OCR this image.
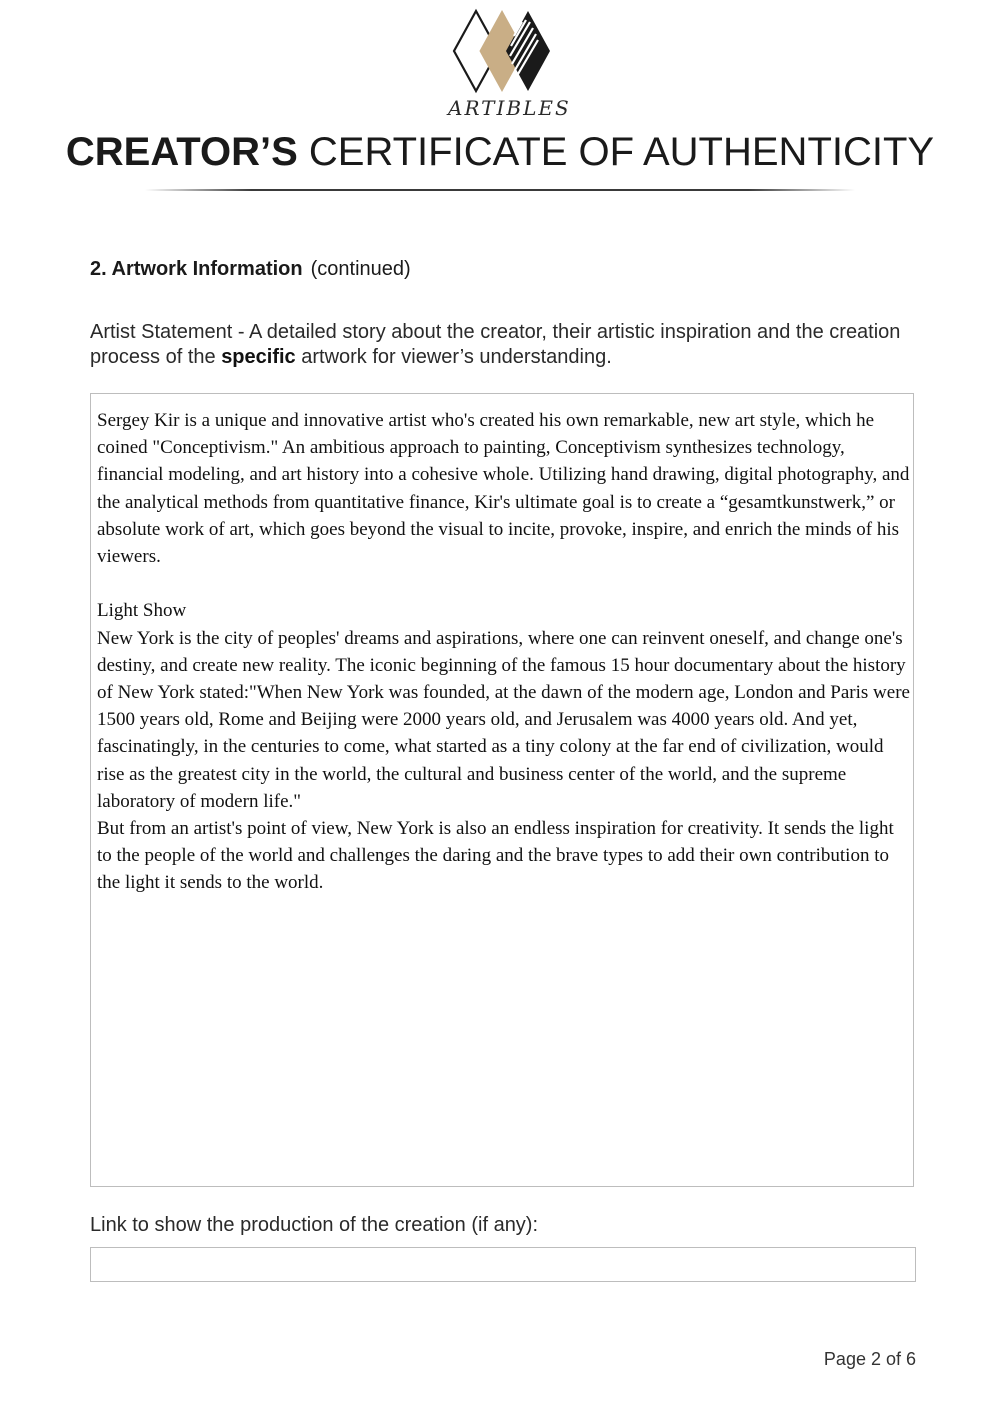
ARTIBLES
CREATOR’S CERTIFICATE OF AUTHENTICITY
2. Artwork Information (continued)
Artist Statement - A detailed story about the creator, their artistic inspiration and the creation process of the specific artwork for viewer’s understanding.

Sergey Kir is a unique and innovative artist who's created his own remarkable, new art style, which he coined "Conceptivism." An ambitious approach to painting, Conceptivism synthesizes technology, financial modeling, and art history into a cohesive whole. Utilizing hand drawing, digital photography, and the analytical methods from quantitative finance, Kir's ultimate goal is to create a “gesamtkunstwerk,” or absolute work of art, which goes beyond the visual to incite, provoke, inspire, and enrich the minds of his viewers.

Light Show

New York is the city of peoples' dreams and aspirations, where one can reinvent oneself, and change one's destiny, and create new reality. The iconic beginning of the famous 15 hour documentary about the history of New York stated:"When New York was founded, at the dawn of the modern age, London and Paris were 1500 years old, Rome and Beijing were 2000 years old, and Jerusalem was 4000 years old. And yet, fascinatingly, in the centuries to come, what started as a tiny colony at the far end of civilization, would rise as the greatest city in the world, the cultural and business center of the world, and the supreme laboratory of modern life."

But from an artist's point of view, New York is also an endless inspiration for creativity. It sends the light to the people of the world and challenges the daring and the brave types to add their own contribution to the light it sends to the world.

Link to show the production of the creation (if any):
Page 2 of 6
